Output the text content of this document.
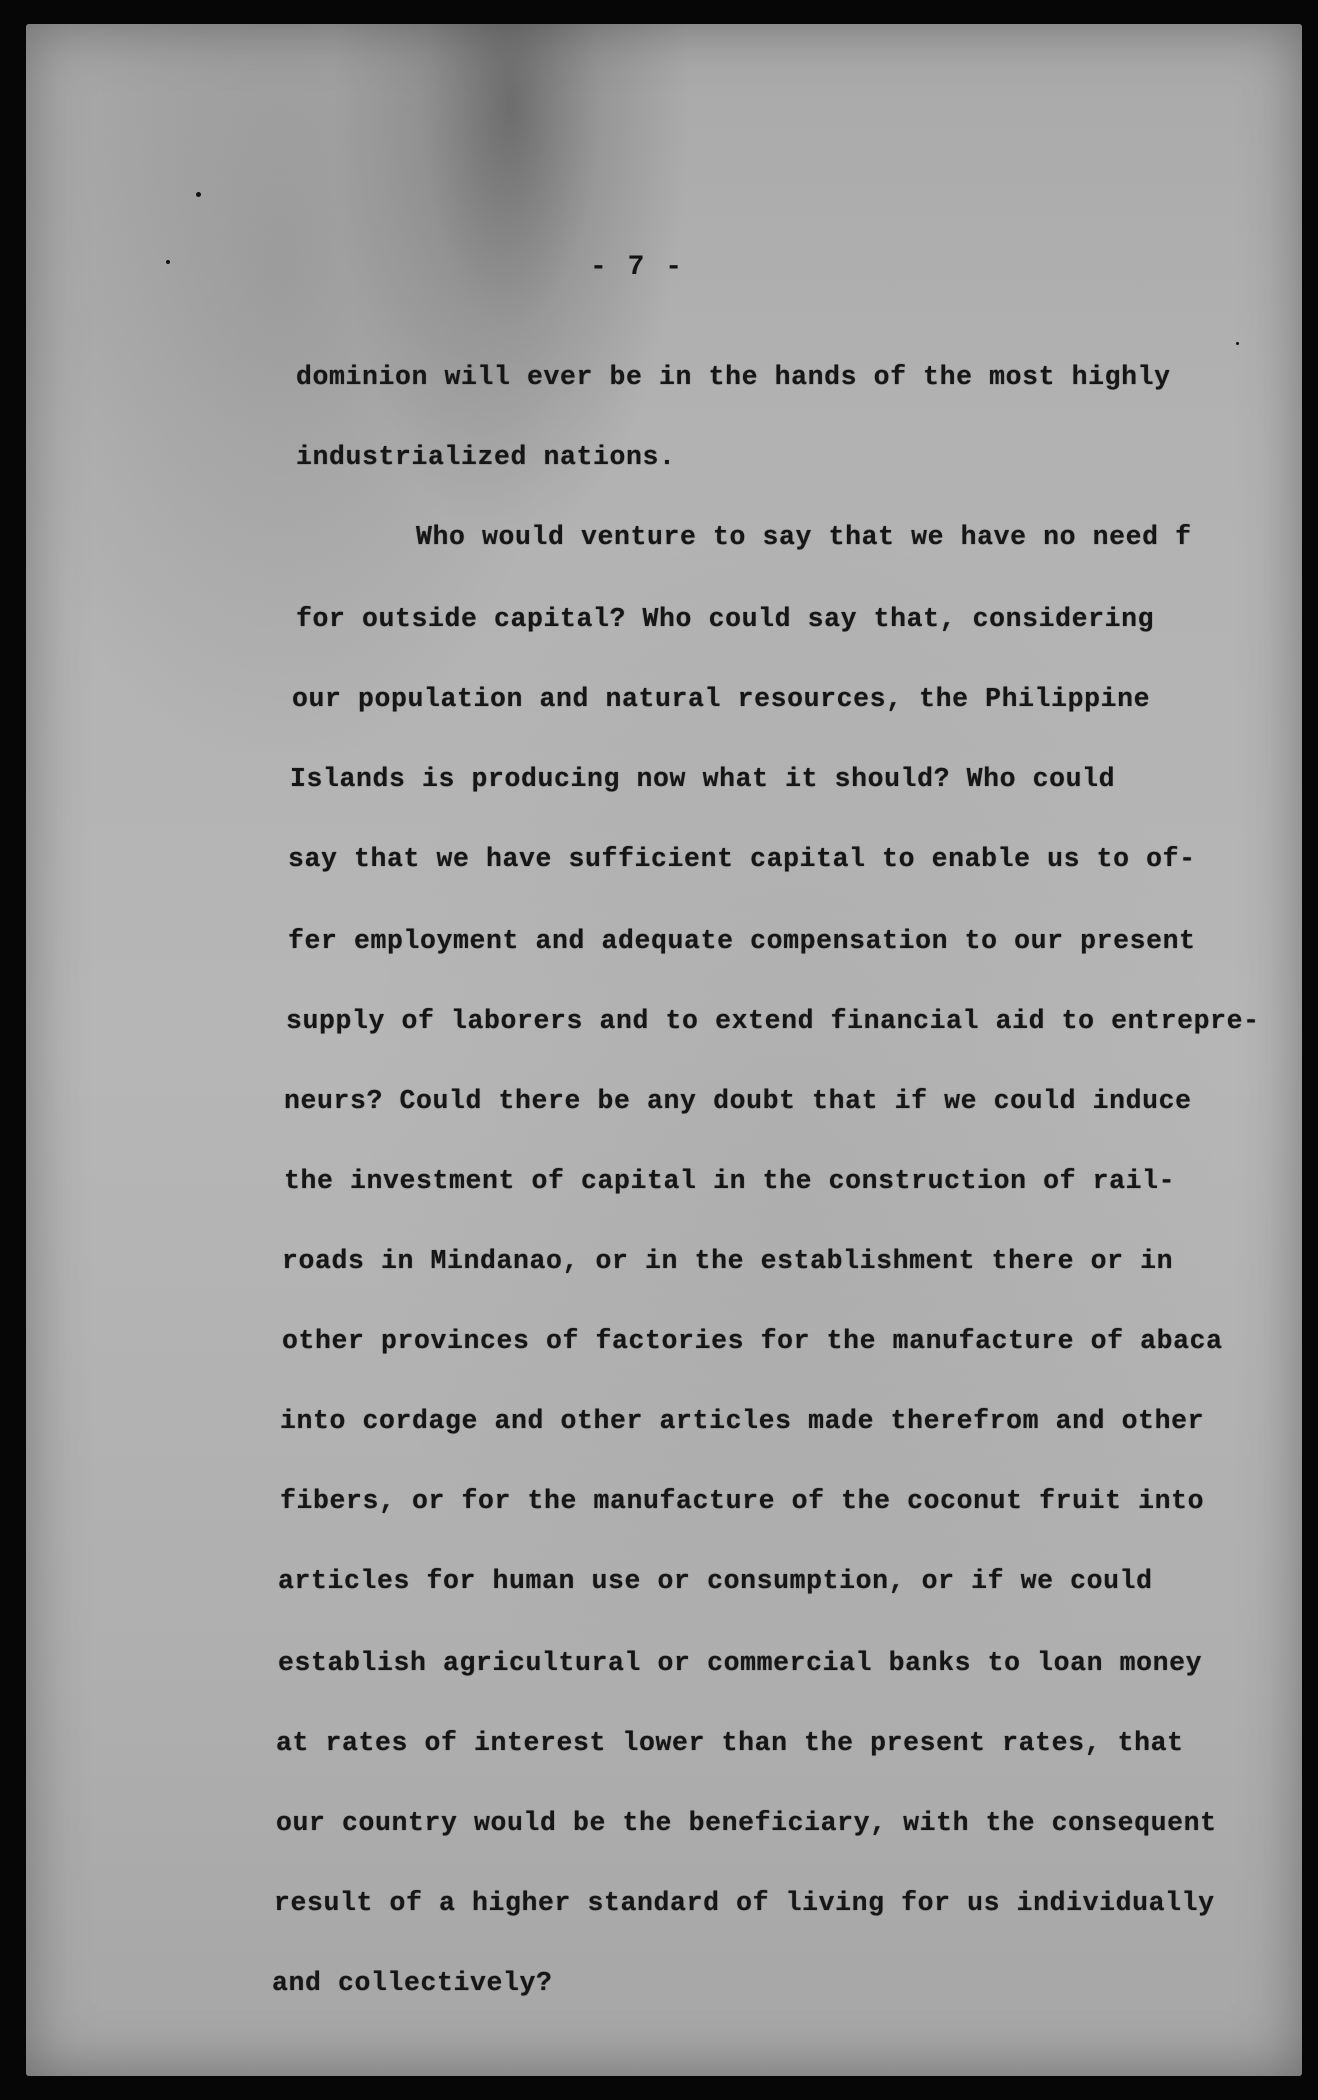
- 7 -
dominion will ever be in the hands of the most highly
industrialized nations.
Who would venture to say that we have no need f
for outside capital? Who could say that, considering
our population and natural resources, the Philippine
Islands is producing now what it should? Who could
say that we have sufficient capital to enable us to of-
fer employment and adequate compensation to our present
supply of laborers and to extend financial aid to entrepre-
neurs? Could there be any doubt that if we could induce
the investment of capital in the construction of rail-
roads in Mindanao, or in the establishment there or in
other provinces of factories for the manufacture of abaca
into cordage and other articles made therefrom and other
fibers, or for the manufacture of the coconut fruit into
articles for human use or consumption, or if we could
establish agricultural or commercial banks to loan money
at rates of interest lower than the present rates, that
our country would be the beneficiary, with the consequent
result of a higher standard of living for us individually
and collectively?
